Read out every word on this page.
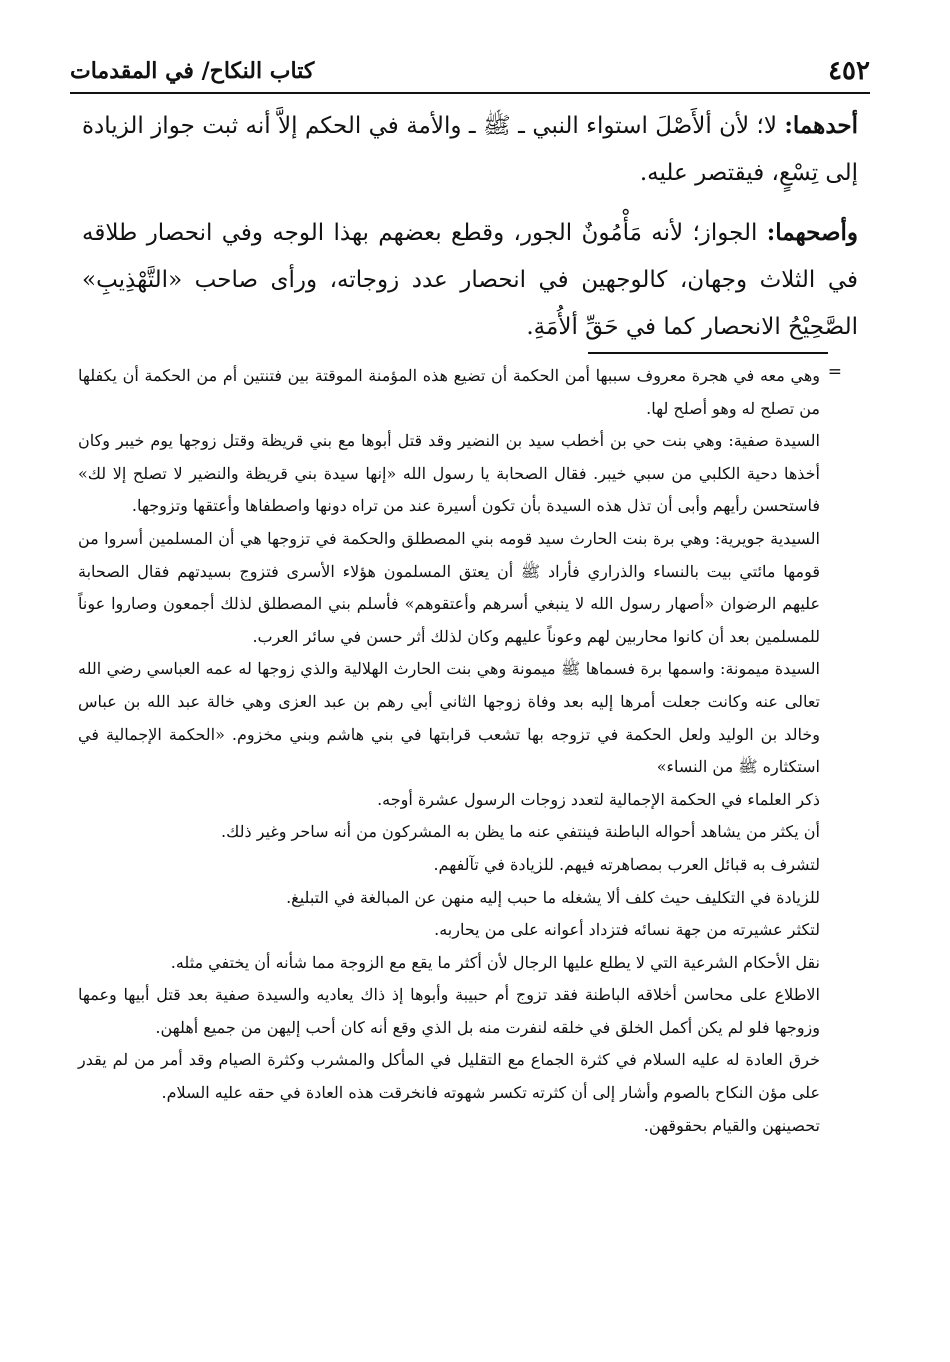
٤٥٢
كتاب النكاح/ في المقدمات

أحدهما: لا؛ لأن ألأَصْلَ استواء النبي ـ ﷺ ـ والأمة في الحكم إلاَّ أنه ثبت جواز الزيادة إلى تِسْعٍ، فيقتصر عليه.

وأصحهما: الجواز؛ لأنه مَأْمُونٌ الجور، وقطع بعضهم بهذا الوجه وفي انحصار طلاقه في الثلاث وجهان، كالوجهين في انحصار عدد زوجاته، ورأى صاحب «التَّهْذِيبِ» الصَّحِيْحُ الانحصار كما في حَقِّ ألأُمَةِ.

=

وهي معه في هجرة معروف سببها أمن الحكمة أن تضيع هذه المؤمنة الموقتة بين فتنتين أم من الحكمة أن يكفلها من تصلح له وهو أصلح لها.

السيدة صفية: وهي بنت حي بن أخطب سيد بن النضير وقد قتل أبوها مع بني قريظة وقتل زوجها يوم خيبر وكان أخذها دحية الكلبي من سبي خيبر. فقال الصحابة يا رسول الله «إنها سيدة بني قريظة والنضير لا تصلح إلا لك» فاستحسن رأيهم وأبى أن تذل هذه السيدة بأن تكون أسيرة عند من تراه دونها واصطفاها وأعتقها وتزوجها.

السيدية جويرية: وهي برة بنت الحارث سيد قومه بني المصطلق والحكمة في تزوجها هي أن المسلمين أسروا من قومها مائتي بيت بالنساء والذراري فأراد ﷺ أن يعتق المسلمون هؤلاء الأسرى فتزوج بسيدتهم فقال الصحابة عليهم الرضوان «أصهار رسول الله لا ينبغي أسرهم وأعتقوهم» فأسلم بني المصطلق لذلك أجمعون وصاروا عوناً للمسلمين بعد أن كانوا محاربين لهم وعوناً عليهم وكان لذلك أثر حسن في سائر العرب.

السيدة ميمونة: واسمها برة فسماها ﷺ ميمونة وهي بنت الحارث الهلالية والذي زوجها له عمه العباسي رضي الله تعالى عنه وكانت جعلت أمرها إليه بعد وفاة زوجها الثاني أبي رهم بن عبد العزى وهي خالة عبد الله بن عباس وخالد بن الوليد ولعل الحكمة في تزوجه بها تشعب قرابتها في بني هاشم وبني مخزوم. «الحكمة الإجمالية في استكثاره ﷺ من النساء»

ذكر العلماء في الحكمة الإجمالية لتعدد زوجات الرسول عشرة أوجه.

أن يكثر من يشاهد أحواله الباطنة فينتفي عنه ما يظن به المشركون من أنه ساحر وغير ذلك.

لتشرف به قبائل العرب بمصاهرته فيهم. للزيادة في تآلفهم.

للزيادة في التكليف حيث كلف ألا يشغله ما حبب إليه منهن عن المبالغة في التبليغ.

لتكثر عشيرته من جهة نسائه فتزداد أعوانه على من يحاربه.

نقل الأحكام الشرعية التي لا يطلع عليها الرجال لأن أكثر ما يقع مع الزوجة مما شأنه أن يختفي مثله.

الاطلاع على محاسن أخلاقه الباطنة فقد تزوج أم حبيبة وأبوها إذ ذاك يعاديه والسيدة صفية بعد قتل أبيها وعمها وزوجها فلو لم يكن أكمل الخلق في خلقه لنفرت منه بل الذي وقع أنه كان أحب إليهن من جميع أهلهن.

خرق العادة له عليه السلام في كثرة الجماع مع التقليل في المأكل والمشرب وكثرة الصيام وقد أمر من لم يقدر على مؤن النكاح بالصوم وأشار إلى أن كثرته تكسر شهوته فانخرقت هذه العادة في حقه عليه السلام.

تحصينهن والقيام بحقوقهن.
